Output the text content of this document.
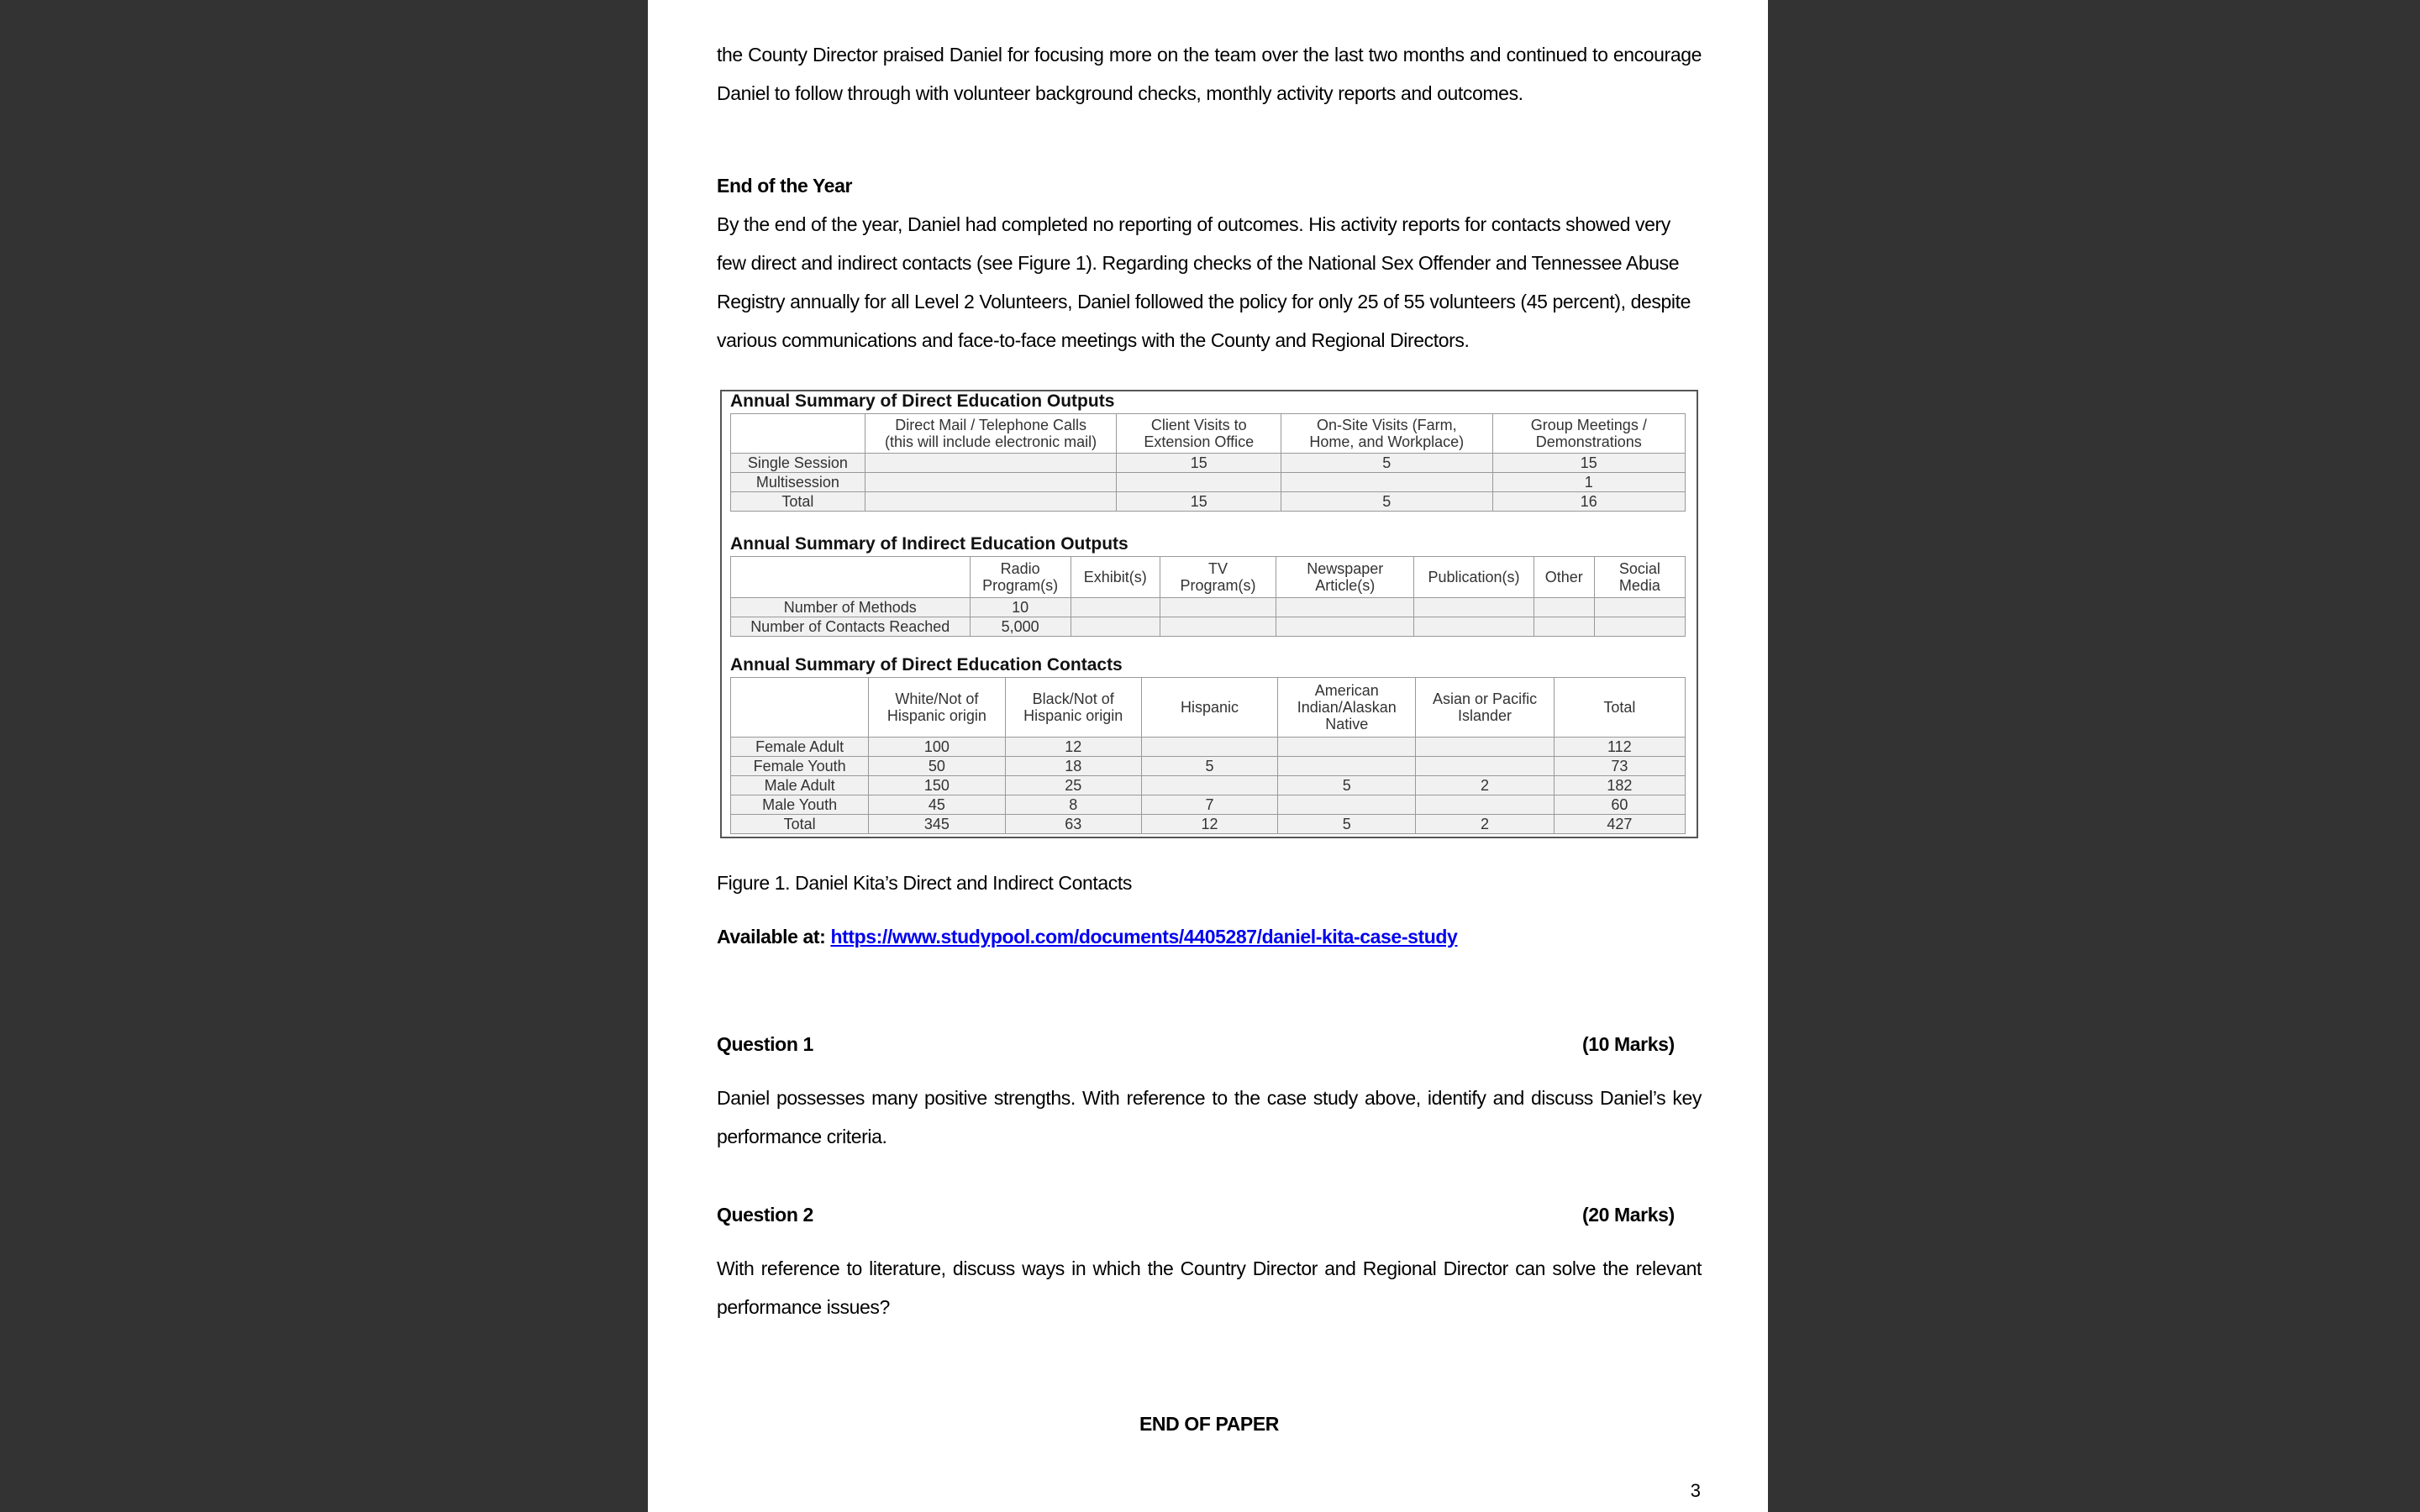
the County Director praised Daniel for focusing more on the team over the last two months and continued to encourage
Daniel to follow through with volunteer background checks, monthly activity reports and outcomes.
End of the Year
By the end of the year, Daniel had completed no reporting of outcomes. His activity reports for contacts showed very
few direct and indirect contacts (see Figure 1). Regarding checks of the National Sex Offender and Tennessee Abuse
Registry annually for all Level 2 Volunteers, Daniel followed the policy for only 25 of 55 volunteers (45 percent), despite
various communications and face-to-face meetings with the County and Regional Directors.
Annual Summary of Direct Education Outputs
	Direct Mail / Telephone Calls
(this will include electronic mail)	Client Visits to
Extension Office	On-Site Visits (Farm,
Home, and Workplace)	Group Meetings /
Demonstrations
Single Session		15	5	15
Multisession				1
Total		15	5	16
Annual Summary of Indirect Education Outputs
	Radio
Program(s)	Exhibit(s)	TV
Program(s)	Newspaper
Article(s)	Publication(s)	Other	Social
Media
Number of Methods	10						
Number of Contacts Reached	5,000						
Annual Summary of Direct Education Contacts
	White/Not of
Hispanic origin	Black/Not of
Hispanic origin	Hispanic	American
Indian/Alaskan
Native	Asian or Pacific
Islander	Total
Female Adult	100	12				112
Female Youth	50	18	5			73
Male Adult	150	25		5	2	182
Male Youth	45	8	7			60
Total	345	63	12	5	2	427
Figure 1. Daniel Kita’s Direct and Indirect Contacts
Available at: https://www.studypool.com/documents/4405287/daniel-kita-case-study
Question 1	(10 Marks)
Daniel possesses many positive strengths. With reference to the case study above, identify and discuss Daniel’s key
performance criteria.
Question 2	(20 Marks)
With reference to literature, discuss ways in which the Country Director and Regional Director can solve the relevant
performance issues?
END OF PAPER
3
